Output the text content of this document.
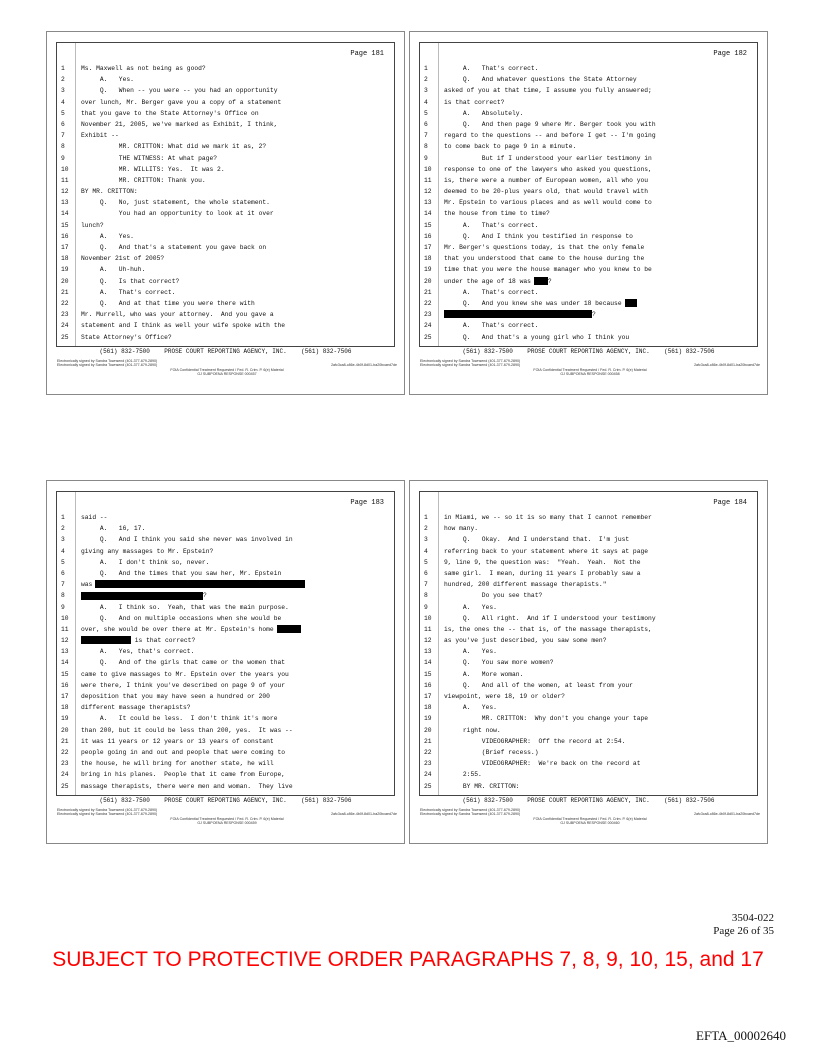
Page 181
1	Ms. Maxwell as not being as good?
2	A.   Yes.
3	Q.   When -- you were -- you had an opportunity
4	over lunch, Mr. Berger gave you a copy of a statement
5	that you gave to the State Attorney's Office on
6	November 21, 2005, we've marked as Exhibit, I think,
7	Exhibit --
8	MR. CRITTON: What did we mark it as, 2?
9	THE WITNESS: At what page?
10	MR. WILLITS: Yes.  It was 2.
11	MR. CRITTON: Thank you.
12	BY MR. CRITTON:
13	Q.   No, just statement, the whole statement.
14	You had an opportunity to look at it over
15	lunch?
16	A.   Yes.
17	Q.   And that's a statement you gave back on
18	November 21st of 2005?
19	A.   Uh-huh.
20	Q.   Is that correct?
21	A.   That's correct.
22	Q.   And at that time you were there with
23	Mr. Murrell, who was your attorney.  And you gave a
24	statement and I think as well your wife spoke with the
25	State Attorney's Office?
(561) 832-7500    PROSE COURT REPORTING AGENCY, INC.    (561) 832-7506
Electronically signed by Sandra Townsend (401-377-679-2890)
Electronically signed by Sandra Townsend (401-377-679-2890)
FOIA Confidential Treatment Requested / Fed. R. Crim. P. 6(e) Material
GJ SUBPOENA RESPONSE 000457
2afc3ca8-c86e-4b0f-8d01-ba20bcaed7de
Page 182
1	A.   That's correct.
2	Q.   And whatever questions the State Attorney
3	asked of you at that time, I assume you fully answered;
4	is that correct?
5	A.   Absolutely.
6	Q.   And then page 9 where Mr. Berger took you with
7	regard to the questions -- and before I get -- I'm going
8	to come back to page 9 in a minute.
9	But if I understood your earlier testimony in
10	response to one of the lawyers who asked you questions,
11	is, there were a number of European women, all who you
12	deemed to be 20-plus years old, that would travel with
13	Mr. Epstein to various places and as well would come to
14	the house from time to time?
15	A.   That's correct.
16	Q.   And I think you testified in response to
17	Mr. Berger's questions today, is that the only female
18	that you understood that came to the house during the
19	time that you were the house manager who you knew to be
20	under the age of 18 was	?
21	A.   That's correct.
22	Q.   And you knew she was under 18 because
23	?
24	A.   That's correct.
25	Q.   And that's a young girl who I think you
(561) 832-7500    PROSE COURT REPORTING AGENCY, INC.    (561) 832-7506
Electronically signed by Sandra Townsend (401-377-679-2890)
Electronically signed by Sandra Townsend (401-377-679-2890)
FOIA Confidential Treatment Requested / Fed. R. Crim. P. 6(e) Material
GJ SUBPOENA RESPONSE 000458
2afc3ca8-c86e-4b0f-8d01-ba20bcaed7de
Page 183
1	said --
2	A.   16, 17.
3	Q.   And I think you said she never was involved in
4	giving any massages to Mr. Epstein?
5	A.   I don't think so, never.
6	Q.   And the times that you saw her, Mr. Epstein
7	was
8	?
9	A.   I think so.  Yeah, that was the main purpose.
10	Q.   And on multiple occasions when she would be
11	over, she would be over there at Mr. Epstein's home
12	is that correct?
13	A.   Yes, that's correct.
14	Q.   And of the girls that came or the women that
15	came to give massages to Mr. Epstein over the years you
16	were there, I think you've described on page 9 of your
17	deposition that you may have seen a hundred or 200
18	different massage therapists?
19	A.   It could be less.  I don't think it's more
20	than 200, but it could be less than 200, yes.  It was --
21	it was 11 years or 12 years or 13 years of constant
22	people going in and out and people that were coming to
23	the house, he will bring for another state, he will
24	bring in his planes.  People that it came from Europe,
25	massage therapists, there were men and woman.  They live
(561) 832-7500    PROSE COURT REPORTING AGENCY, INC.    (561) 832-7506
Electronically signed by Sandra Townsend (401-377-679-2890)
Electronically signed by Sandra Townsend (401-377-679-2890)
FOIA Confidential Treatment Requested / Fed. R. Crim. P. 6(e) Material
GJ SUBPOENA RESPONSE 000459
2afc3ca8-c86e-4b0f-8d01-ba20bcaed7de
Page 184
1	in Miami, we -- so it is so many that I cannot remember
2	how many.
3	Q.   Okay.  And I understand that.  I'm just
4	referring back to your statement where it says at page
5	9, line 9, the question was:  "Yeah.  Yeah.  Not the
6	same girl.  I mean, during 11 years I probably saw a
7	hundred, 200 different massage therapists."
8	Do you see that?
9	A.   Yes.
10	Q.   All right.  And if I understood your testimony
11	is, the ones the -- that is, of the massage therapists,
12	as you've just described, you saw some men?
13	A.   Yes.
14	Q.   You saw more women?
15	A.   More woman.
16	Q.   And all of the women, at least from your
17	viewpoint, were 18, 19 or older?
18	A.   Yes.
19	MR. CRITTON:  Why don't you change your tape
20	right now.
21	VIDEOGRAPHER:  Off the record at 2:54.
22	(Brief recess.)
23	VIDEOGRAPHER:  We're back on the record at
24	2:55.
25	BY MR. CRITTON:
(561) 832-7500    PROSE COURT REPORTING AGENCY, INC.    (561) 832-7506
Electronically signed by Sandra Townsend (401-377-679-2890)
Electronically signed by Sandra Townsend (401-377-679-2890)
FOIA Confidential Treatment Requested / Fed. R. Crim. P. 6(e) Material
GJ SUBPOENA RESPONSE 000460
2afc3ca8-c86e-4b0f-8d01-ba20bcaed7de
3504-022
Page 26 of 35
SUBJECT TO PROTECTIVE ORDER PARAGRAPHS 7, 8, 9, 10, 15, and 17
EFTA_00002640
